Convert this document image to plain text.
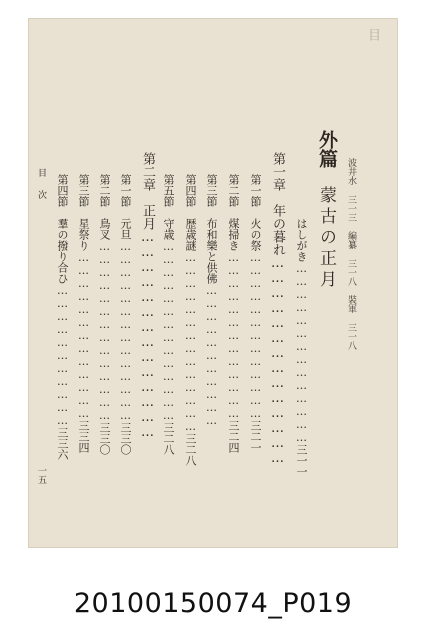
目
波井水 三一三　編纂 三一八　裝軍 三一八
外篇
蒙古の正月
はしがき……………………………………三一一
第一章　年の暮れ……………………………………
第一節　火の祭…………………………………三二一
第二節　煤掃き…………………………………三二四
第三節　布和樂と供佛……………………………
第四節　歴歳謎……………………………………三二八
第五節　守歳……………………………………三二八
第二章　正月……………………………………
第一節　元旦……………………………………三三〇
第二節　鳥叉……………………………………三三〇
第三節　星祭り…………………………………三三四
第四節　羣の撥り合ひ……………………………三三六
目　次
一五
20100150074_P019
